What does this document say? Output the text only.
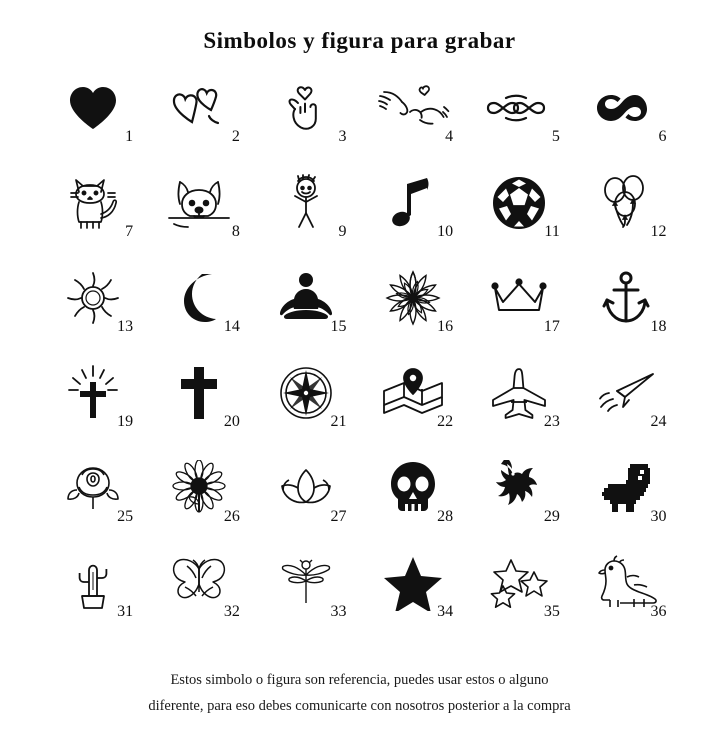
Simbolos y figura para grabar
1	2	3	4	5	6
7	8	9	10	11	12
13	14	15	16	17	18
19	20	21	22	23	24
25	26	27	28	29	30
31	32	33	34	35	36
Estos simbolo o figura son referencia, puedes usar estos o alguno
diferente, para eso debes comunicarte con nosotros posterior a la compra
